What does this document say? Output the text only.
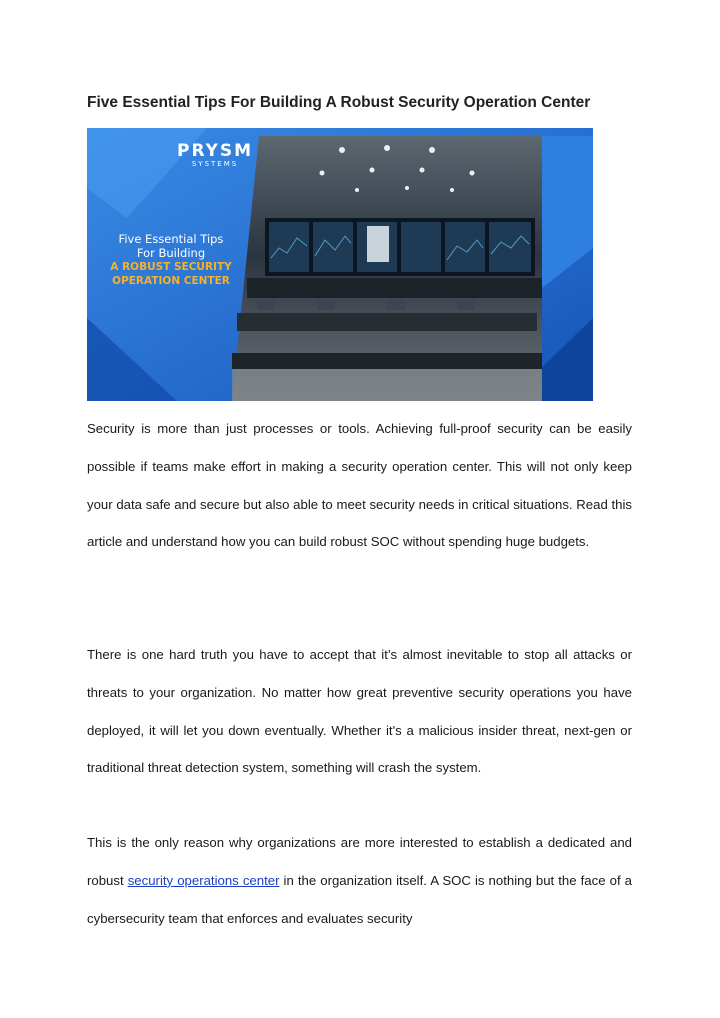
Five Essential Tips For Building A Robust Security Operation Center
PRYSM
SYSTEMS
Five Essential Tips
For Building
A ROBUST SECURITY
OPERATION CENTER

Security is more than just processes or tools. Achieving full-proof security can be easily possible if teams make effort in making a security operation center. This will not only keep your data safe and secure but also able to meet security needs in critical situations. Read this article and understand how you can build robust SOC without spending huge budgets.

There is one hard truth you have to accept that it’s almost inevitable to stop all attacks or threats to your organization. No matter how great preventive security operations you have deployed, it will let you down eventually. Whether it's a malicious insider threat, next-gen or traditional threat detection system, something will crash the system.

This is the only reason why organizations are more interested to establish a dedicated and robust security operations center in the organization itself. A SOC is nothing but the face of a cybersecurity team that enforces and evaluates security
